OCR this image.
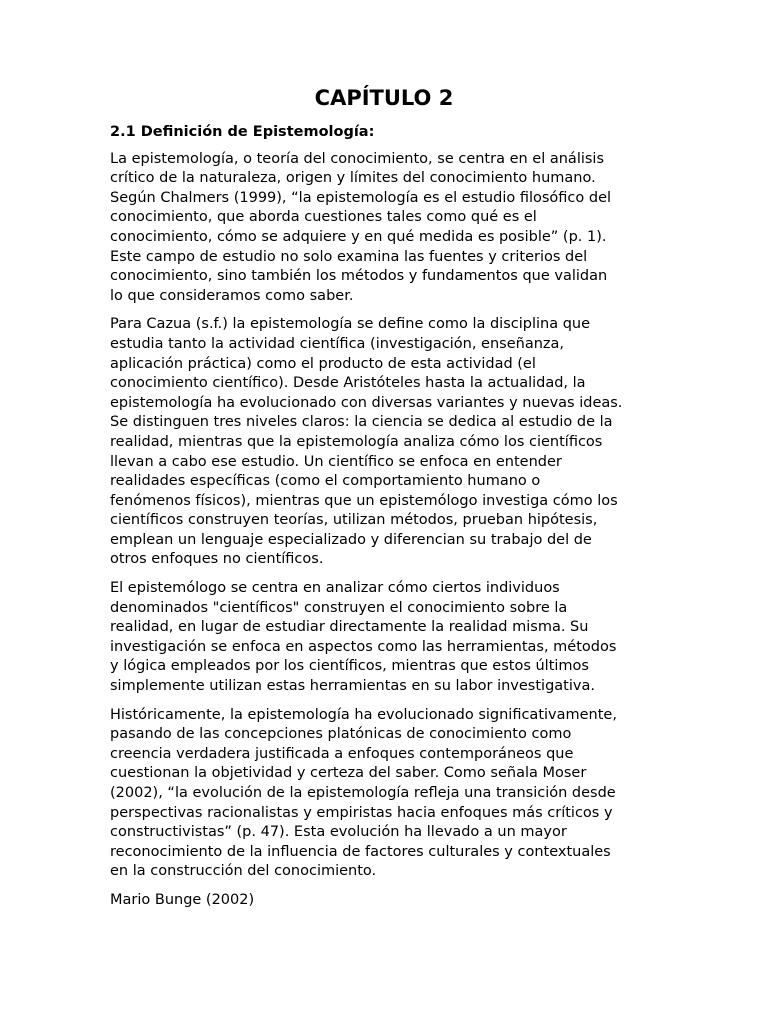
CAPÍTULO 2
2.1 Definición de Epistemología:

La epistemología, o teoría del conocimiento, se centra en el análisis
crítico de la naturaleza, origen y límites del conocimiento humano.
Según Chalmers (1999), “la epistemología es el estudio filosófico del
conocimiento, que aborda cuestiones tales como qué es el
conocimiento, cómo se adquiere y en qué medida es posible” (p. 1).
Este campo de estudio no solo examina las fuentes y criterios del
conocimiento, sino también los métodos y fundamentos que validan
lo que consideramos como saber.

Para Cazua (s.f.) la epistemología se define como la disciplina que
estudia tanto la actividad científica (investigación, enseñanza,
aplicación práctica) como el producto de esta actividad (el
conocimiento científico). Desde Aristóteles hasta la actualidad, la
epistemología ha evolucionado con diversas variantes y nuevas ideas.
Se distinguen tres niveles claros: la ciencia se dedica al estudio de la
realidad, mientras que la epistemología analiza cómo los científicos
llevan a cabo ese estudio. Un científico se enfoca en entender
realidades específicas (como el comportamiento humano o
fenómenos físicos), mientras que un epistemólogo investiga cómo los
científicos construyen teorías, utilizan métodos, prueban hipótesis,
emplean un lenguaje especializado y diferencian su trabajo del de
otros enfoques no científicos.

El epistemólogo se centra en analizar cómo ciertos individuos
denominados "científicos" construyen el conocimiento sobre la
realidad, en lugar de estudiar directamente la realidad misma. Su
investigación se enfoca en aspectos como las herramientas, métodos
y lógica empleados por los científicos, mientras que estos últimos
simplemente utilizan estas herramientas en su labor investigativa.

Históricamente, la epistemología ha evolucionado significativamente,
pasando de las concepciones platónicas de conocimiento como
creencia verdadera justificada a enfoques contemporáneos que
cuestionan la objetividad y certeza del saber. Como señala Moser
(2002), “la evolución de la epistemología refleja una transición desde
perspectivas racionalistas y empiristas hacia enfoques más críticos y
constructivistas” (p. 47). Esta evolución ha llevado a un mayor
reconocimiento de la influencia de factores culturales y contextuales
en la construcción del conocimiento.

Mario Bunge (2002)
